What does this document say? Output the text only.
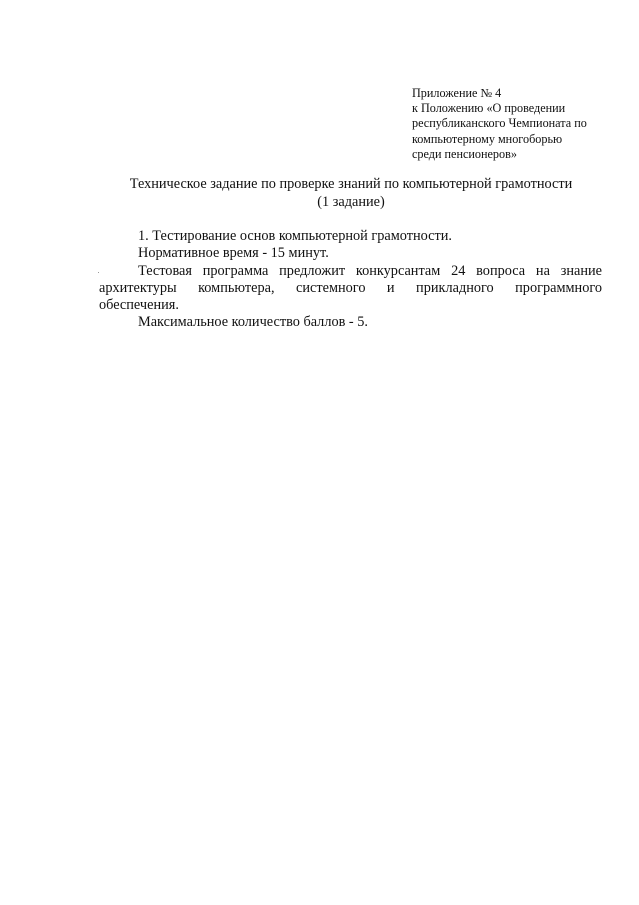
Приложение № 4
к Положению «О проведении
республиканского Чемпионата по
компьютерному многоборью
среди пенсионеров»
Техническое задание по проверке знаний по компьютерной грамотности
(1 задание)

1. Тестирование основ компьютерной грамотности.

Нормативное время - 15 минут.

Тестовая программа предложит конкурсантам 24 вопроса на знание

архитектуры компьютера, системного и прикладного программного

обеспечения.

Максимальное количество баллов - 5.
